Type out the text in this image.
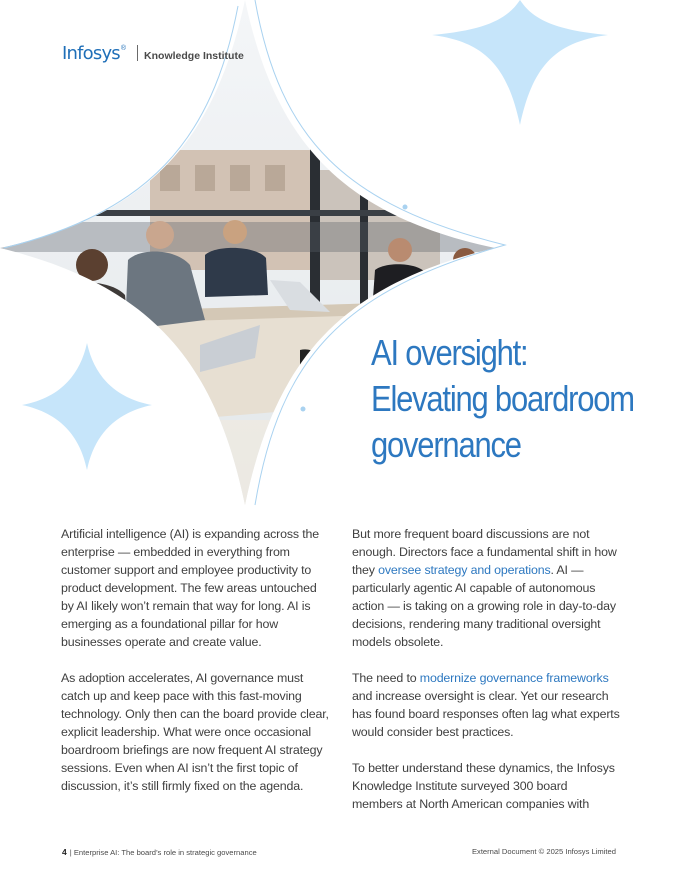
Infosys ®
Knowledge Institute
AI oversight:
Elevating boardroom
governance

Artificial intelligence (AI) is expanding across the enterprise — embedded in everything from customer support and employee productivity to product development. The few areas untouched by AI likely won’t remain that way for long. AI is emerging as a foundational pillar for how businesses operate and create value.

As adoption accelerates, AI governance must catch up and keep pace with this fast-moving technology. Only then can the board provide clear, explicit leadership. What were once occasional boardroom briefings are now frequent AI strategy sessions. Even when AI isn’t the first topic of discussion, it’s still firmly fixed on the agenda.

But more frequent board discussions are not enough. Directors face a fundamental shift in how they oversee strategy and operations. AI — particularly agentic AI capable of autonomous action — is taking on a growing role in day-to-day decisions, rendering many traditional oversight models obsolete.

The need to modernize governance frameworks and increase oversight is clear. Yet our research has found board responses often lag what experts would consider best practices.

To better understand these dynamics, the Infosys Knowledge Institute surveyed 300 board members at North American companies with

4 | Enterprise AI: The board’s role in strategic governance	External Document © 2025 Infosys Limited
